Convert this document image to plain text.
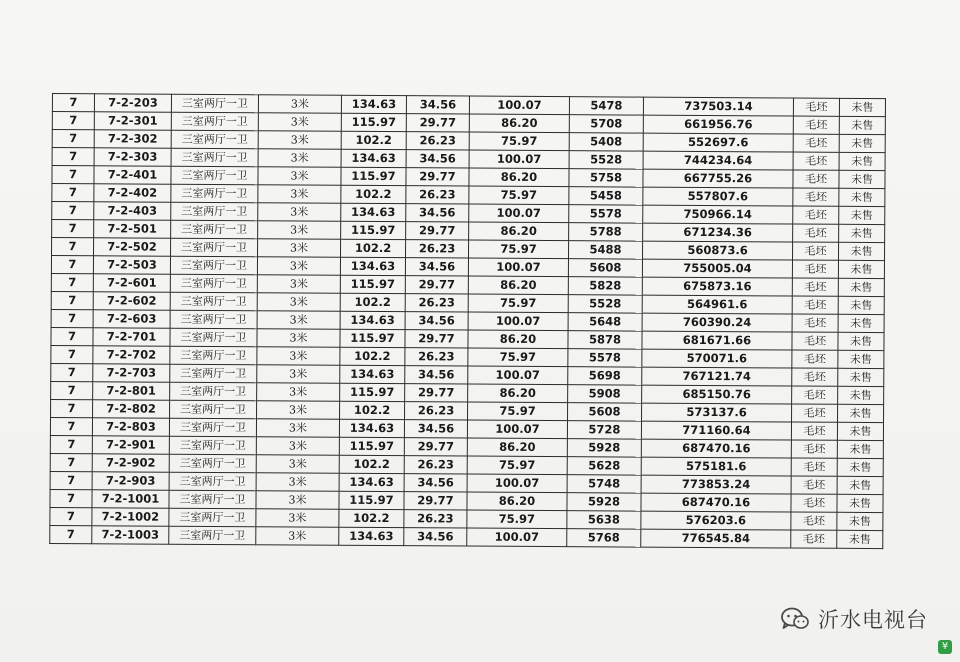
7	7-2-203	三室两厅一卫	3米	134.63	34.56	100.07	5478	737503.14	毛坯	未售
7	7-2-301	三室两厅一卫	3米	115.97	29.77	86.20	5708	661956.76	毛坯	未售
7	7-2-302	三室两厅一卫	3米	102.2	26.23	75.97	5408	552697.6	毛坯	未售
7	7-2-303	三室两厅一卫	3米	134.63	34.56	100.07	5528	744234.64	毛坯	未售
7	7-2-401	三室两厅一卫	3米	115.97	29.77	86.20	5758	667755.26	毛坯	未售
7	7-2-402	三室两厅一卫	3米	102.2	26.23	75.97	5458	557807.6	毛坯	未售
7	7-2-403	三室两厅一卫	3米	134.63	34.56	100.07	5578	750966.14	毛坯	未售
7	7-2-501	三室两厅一卫	3米	115.97	29.77	86.20	5788	671234.36	毛坯	未售
7	7-2-502	三室两厅一卫	3米	102.2	26.23	75.97	5488	560873.6	毛坯	未售
7	7-2-503	三室两厅一卫	3米	134.63	34.56	100.07	5608	755005.04	毛坯	未售
7	7-2-601	三室两厅一卫	3米	115.97	29.77	86.20	5828	675873.16	毛坯	未售
7	7-2-602	三室两厅一卫	3米	102.2	26.23	75.97	5528	564961.6	毛坯	未售
7	7-2-603	三室两厅一卫	3米	134.63	34.56	100.07	5648	760390.24	毛坯	未售
7	7-2-701	三室两厅一卫	3米	115.97	29.77	86.20	5878	681671.66	毛坯	未售
7	7-2-702	三室两厅一卫	3米	102.2	26.23	75.97	5578	570071.6	毛坯	未售
7	7-2-703	三室两厅一卫	3米	134.63	34.56	100.07	5698	767121.74	毛坯	未售
7	7-2-801	三室两厅一卫	3米	115.97	29.77	86.20	5908	685150.76	毛坯	未售
7	7-2-802	三室两厅一卫	3米	102.2	26.23	75.97	5608	573137.6	毛坯	未售
7	7-2-803	三室两厅一卫	3米	134.63	34.56	100.07	5728	771160.64	毛坯	未售
7	7-2-901	三室两厅一卫	3米	115.97	29.77	86.20	5928	687470.16	毛坯	未售
7	7-2-902	三室两厅一卫	3米	102.2	26.23	75.97	5628	575181.6	毛坯	未售
7	7-2-903	三室两厅一卫	3米	134.63	34.56	100.07	5748	773853.24	毛坯	未售
7	7-2-1001	三室两厅一卫	3米	115.97	29.77	86.20	5928	687470.16	毛坯	未售
7	7-2-1002	三室两厅一卫	3米	102.2	26.23	75.97	5638	576203.6	毛坯	未售
7	7-2-1003	三室两厅一卫	3米	134.63	34.56	100.07	5768	776545.84	毛坯	未售
沂水电视台
¥
